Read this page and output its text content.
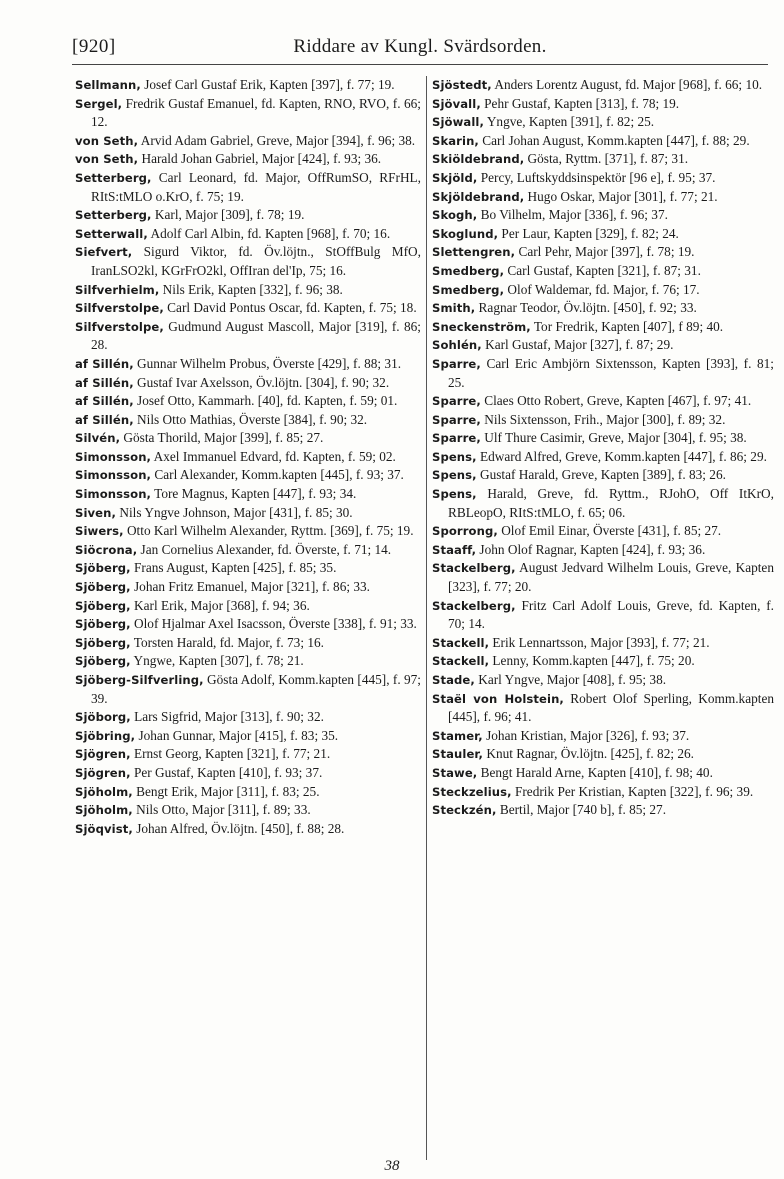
[920]	Riddare av Kungl. Svärdsorden.
Sellmann, Josef Carl Gustaf Erik, Kapten [397], f. 77; 19.
Sergel, Fredrik Gustaf Emanuel, fd. Kapten, RNO, RVO, f. 66; 12.
von Seth, Arvid Adam Gabriel, Greve, Major [394], f. 96; 38.
von Seth, Harald Johan Gabriel, Major [424], f. 93; 36.
Setterberg, Carl Leonard, fd. Major, OffRumSO, RFrHL, RItS:tMLO o.KrO, f. 75; 19.
Setterberg, Karl, Major [309], f. 78; 19.
Setterwall, Adolf Carl Albin, fd. Kapten [968], f. 70; 16.
Siefvert, Sigurd Viktor, fd. Öv.löjtn., StOffBulg MfO, IranLSO2kl, KGrFrO2kl, OffIran del'Ip, 75; 16.
Silfverhielm, Nils Erik, Kapten [332], f. 96; 38.
Silfverstolpe, Carl David Pontus Oscar, fd. Kapten, f. 75; 18.
Silfverstolpe, Gudmund August Mascoll, Major [319], f. 86; 28.
af Sillén, Gunnar Wilhelm Probus, Överste [429], f. 88; 31.
af Sillén, Gustaf Ivar Axelsson, Öv.löjtn. [304], f. 90; 32.
af Sillén, Josef Otto, Kammarh. [40], fd. Kapten, f. 59; 01.
af Sillén, Nils Otto Mathias, Överste [384], f. 90; 32.
Silvén, Gösta Thorild, Major [399], f. 85; 27.
Simonsson, Axel Immanuel Edvard, fd. Kapten, f. 59; 02.
Simonsson, Carl Alexander, Komm.kapten [445], f. 93; 37.
Simonsson, Tore Magnus, Kapten [447], f. 93; 34.
Siven, Nils Yngve Johnson, Major [431], f. 85; 30.
Siwers, Otto Karl Wilhelm Alexander, Ryttm. [369], f. 75; 19.
Siöcrona, Jan Cornelius Alexander, fd. Överste, f. 71; 14.
Sjöberg, Frans August, Kapten [425], f. 85; 35.
Sjöberg, Johan Fritz Emanuel, Major [321], f. 86; 33.
Sjöberg, Karl Erik, Major [368], f. 94; 36.
Sjöberg, Olof Hjalmar Axel Isacsson, Överste [338], f. 91; 33.
Sjöberg, Torsten Harald, fd. Major, f. 73; 16.
Sjöberg, Yngwe, Kapten [307], f. 78; 21.
Sjöberg-Silfverling, Gösta Adolf, Komm.kapten [445], f. 97; 39.
Sjöborg, Lars Sigfrid, Major [313], f. 90; 32.
Sjöbring, Johan Gunnar, Major [415], f. 83; 35.
Sjögren, Ernst Georg, Kapten [321], f. 77; 21.
Sjögren, Per Gustaf, Kapten [410], f. 93; 37.
Sjöholm, Bengt Erik, Major [311], f. 83; 25.
Sjöholm, Nils Otto, Major [311], f. 89; 33.
Sjöqvist, Johan Alfred, Öv.löjtn. [450], f. 88; 28.
Sjöstedt, Anders Lorentz August, fd. Major [968], f. 66; 10.
Sjövall, Pehr Gustaf, Kapten [313], f. 78; 19.
Sjöwall, Yngve, Kapten [391], f. 82; 25.
Skarin, Carl Johan August, Komm.kapten [447], f. 88; 29.
Skiöldebrand, Gösta, Ryttm. [371], f. 87; 31.
Skjöld, Percy, Luftskyddsinspektör [96 e], f. 95; 37.
Skjöldebrand, Hugo Oskar, Major [301], f. 77; 21.
Skogh, Bo Vilhelm, Major [336], f. 96; 37.
Skoglund, Per Laur, Kapten [329], f. 82; 24.
Slettengren, Carl Pehr, Major [397], f. 78; 19.
Smedberg, Carl Gustaf, Kapten [321], f. 87; 31.
Smedberg, Olof Waldemar, fd. Major, f. 76; 17.
Smith, Ragnar Teodor, Öv.löjtn. [450], f. 92; 33.
Sneckenström, Tor Fredrik, Kapten [407], f 89; 40.
Sohlén, Karl Gustaf, Major [327], f. 87; 29.
Sparre, Carl Eric Ambjörn Sixtensson, Kapten [393], f. 81; 25.
Sparre, Claes Otto Robert, Greve, Kapten [467], f. 97; 41.
Sparre, Nils Sixtensson, Frih., Major [300], f. 89; 32.
Sparre, Ulf Thure Casimir, Greve, Major [304], f. 95; 38.
Spens, Edward Alfred, Greve, Komm.kapten [447], f. 86; 29.
Spens, Gustaf Harald, Greve, Kapten [389], f. 83; 26.
Spens, Harald, Greve, fd. Ryttm., RJohO, Off ItKrO, RBLeopO, RItS:tMLO, f. 65; 06.
Sporrong, Olof Emil Einar, Överste [431], f. 85; 27.
Staaff, John Olof Ragnar, Kapten [424], f. 93; 36.
Stackelberg, August Jedvard Wilhelm Louis, Greve, Kapten [323], f. 77; 20.
Stackelberg, Fritz Carl Adolf Louis, Greve, fd. Kapten, f. 70; 14.
Stackell, Erik Lennartsson, Major [393], f. 77; 21.
Stackell, Lenny, Komm.kapten [447], f. 75; 20.
Stade, Karl Yngve, Major [408], f. 95; 38.
Staël von Holstein, Robert Olof Sperling, Komm.kapten [445], f. 96; 41.
Stamer, Johan Kristian, Major [326], f. 93; 37.
Stauler, Knut Ragnar, Öv.löjtn. [425], f. 82; 26.
Stawe, Bengt Harald Arne, Kapten [410], f. 98; 40.
Steckzelius, Fredrik Per Kristian, Kapten [322], f. 96; 39.
Steckzén, Bertil, Major [740 b], f. 85; 27.
38
